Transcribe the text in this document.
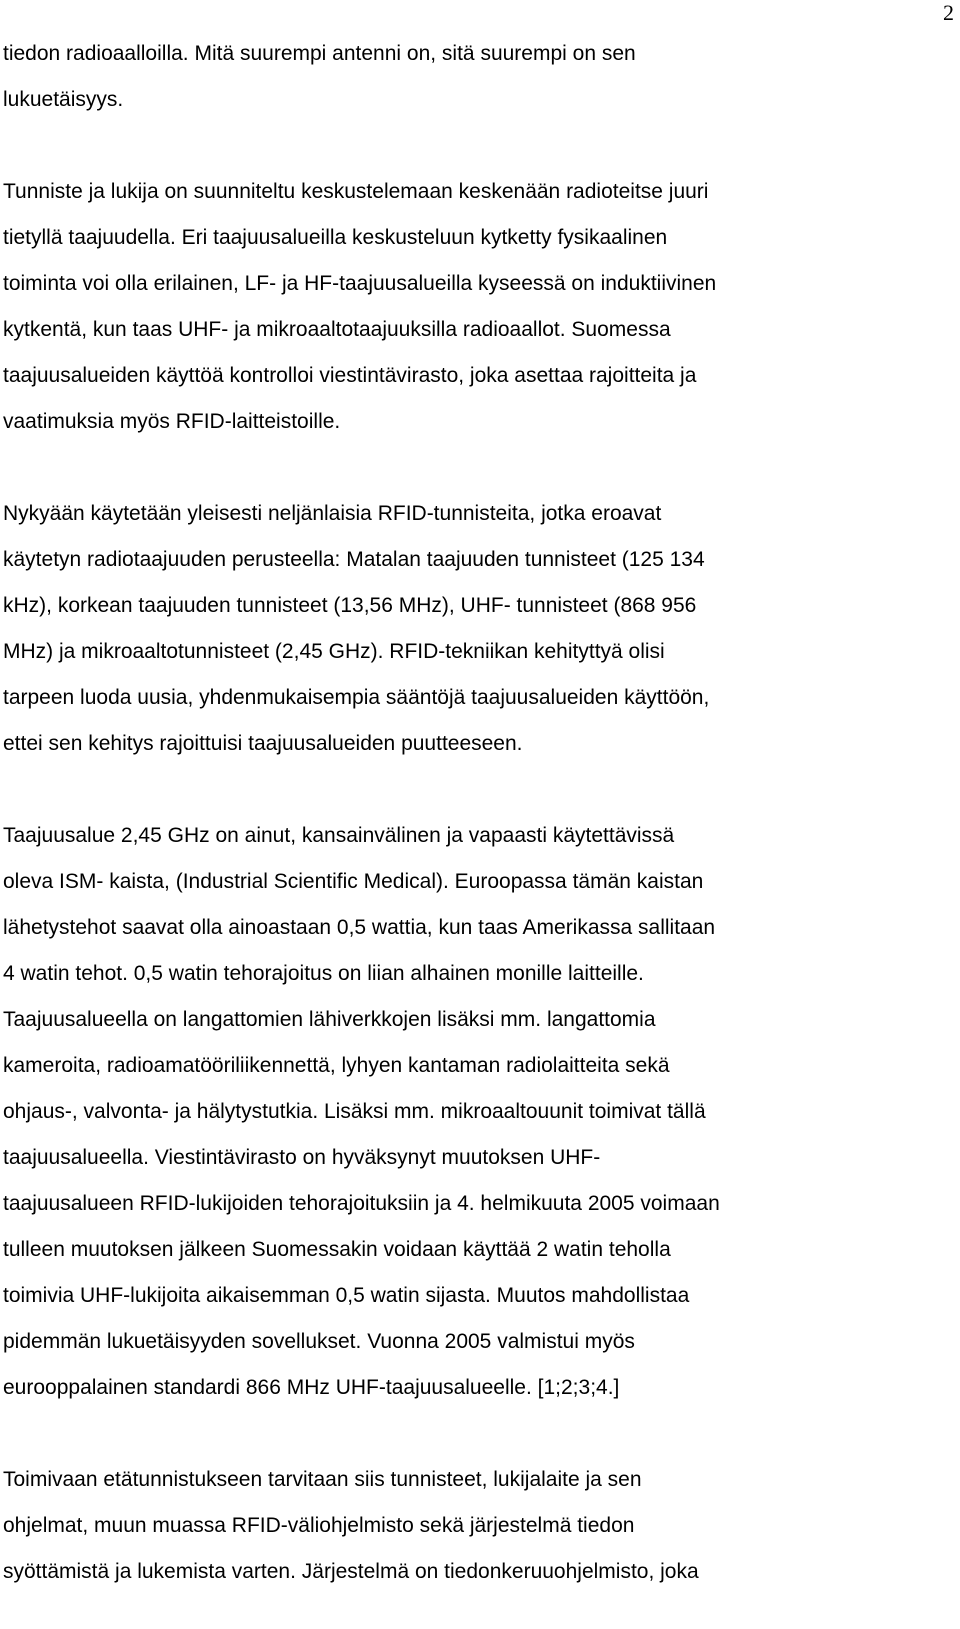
2
tiedon radioaalloilla. Mitä suurempi antenni on, sitä suurempi on sen
lukuetäisyys.
Tunniste ja lukija on suunniteltu keskustelemaan keskenään radioteitse juuri
tietyllä taajuudella. Eri taajuusalueilla keskusteluun kytketty fysikaalinen
toiminta voi olla erilainen, LF- ja HF-taajuusalueilla kyseessä on induktiivinen
kytkentä, kun taas UHF- ja mikroaaltotaajuuksilla radioaallot. Suomessa
taajuusalueiden käyttöä kontrolloi viestintävirasto, joka asettaa rajoitteita ja
vaatimuksia myös RFID-laitteistoille.
Nykyään käytetään yleisesti neljänlaisia RFID-tunnisteita, jotka eroavat
käytetyn radiotaajuuden perusteella: Matalan taajuuden tunnisteet (125 134
kHz), korkean taajuuden tunnisteet (13,56 MHz), UHF- tunnisteet (868 956
MHz) ja mikroaaltotunnisteet (2,45 GHz). RFID-tekniikan kehityttyä olisi
tarpeen luoda uusia, yhdenmukaisempia sääntöjä taajuusalueiden käyttöön,
ettei sen kehitys rajoittuisi taajuusalueiden puutteeseen.
Taajuusalue 2,45 GHz on ainut, kansainvälinen ja vapaasti käytettävissä
oleva ISM- kaista, (Industrial Scientific Medical). Euroopassa tämän kaistan
lähetystehot saavat olla ainoastaan 0,5 wattia, kun taas Amerikassa sallitaan
4 watin tehot. 0,5 watin tehorajoitus on liian alhainen monille laitteille.
Taajuusalueella on langattomien lähiverkkojen lisäksi mm. langattomia
kameroita, radioamatööriliikennettä, lyhyen kantaman radiolaitteita sekä
ohjaus-, valvonta- ja hälytystutkia. Lisäksi mm. mikroaaltouunit toimivat tällä
taajuusalueella. Viestintävirasto on hyväksynyt muutoksen UHF-
taajuusalueen RFID-lukijoiden tehorajoituksiin ja 4. helmikuuta 2005 voimaan
tulleen muutoksen jälkeen Suomessakin voidaan käyttää 2 watin teholla
toimivia UHF-lukijoita aikaisemman 0,5 watin sijasta. Muutos mahdollistaa
pidemmän lukuetäisyyden sovellukset. Vuonna 2005 valmistui myös
eurooppalainen standardi 866 MHz UHF-taajuusalueelle. [1;2;3;4.]
Toimivaan etätunnistukseen tarvitaan siis tunnisteet, lukijalaite ja sen
ohjelmat, muun muassa RFID-väliohjelmisto sekä järjestelmä tiedon
syöttämistä ja lukemista varten. Järjestelmä on tiedonkeruuohjelmisto, joka
